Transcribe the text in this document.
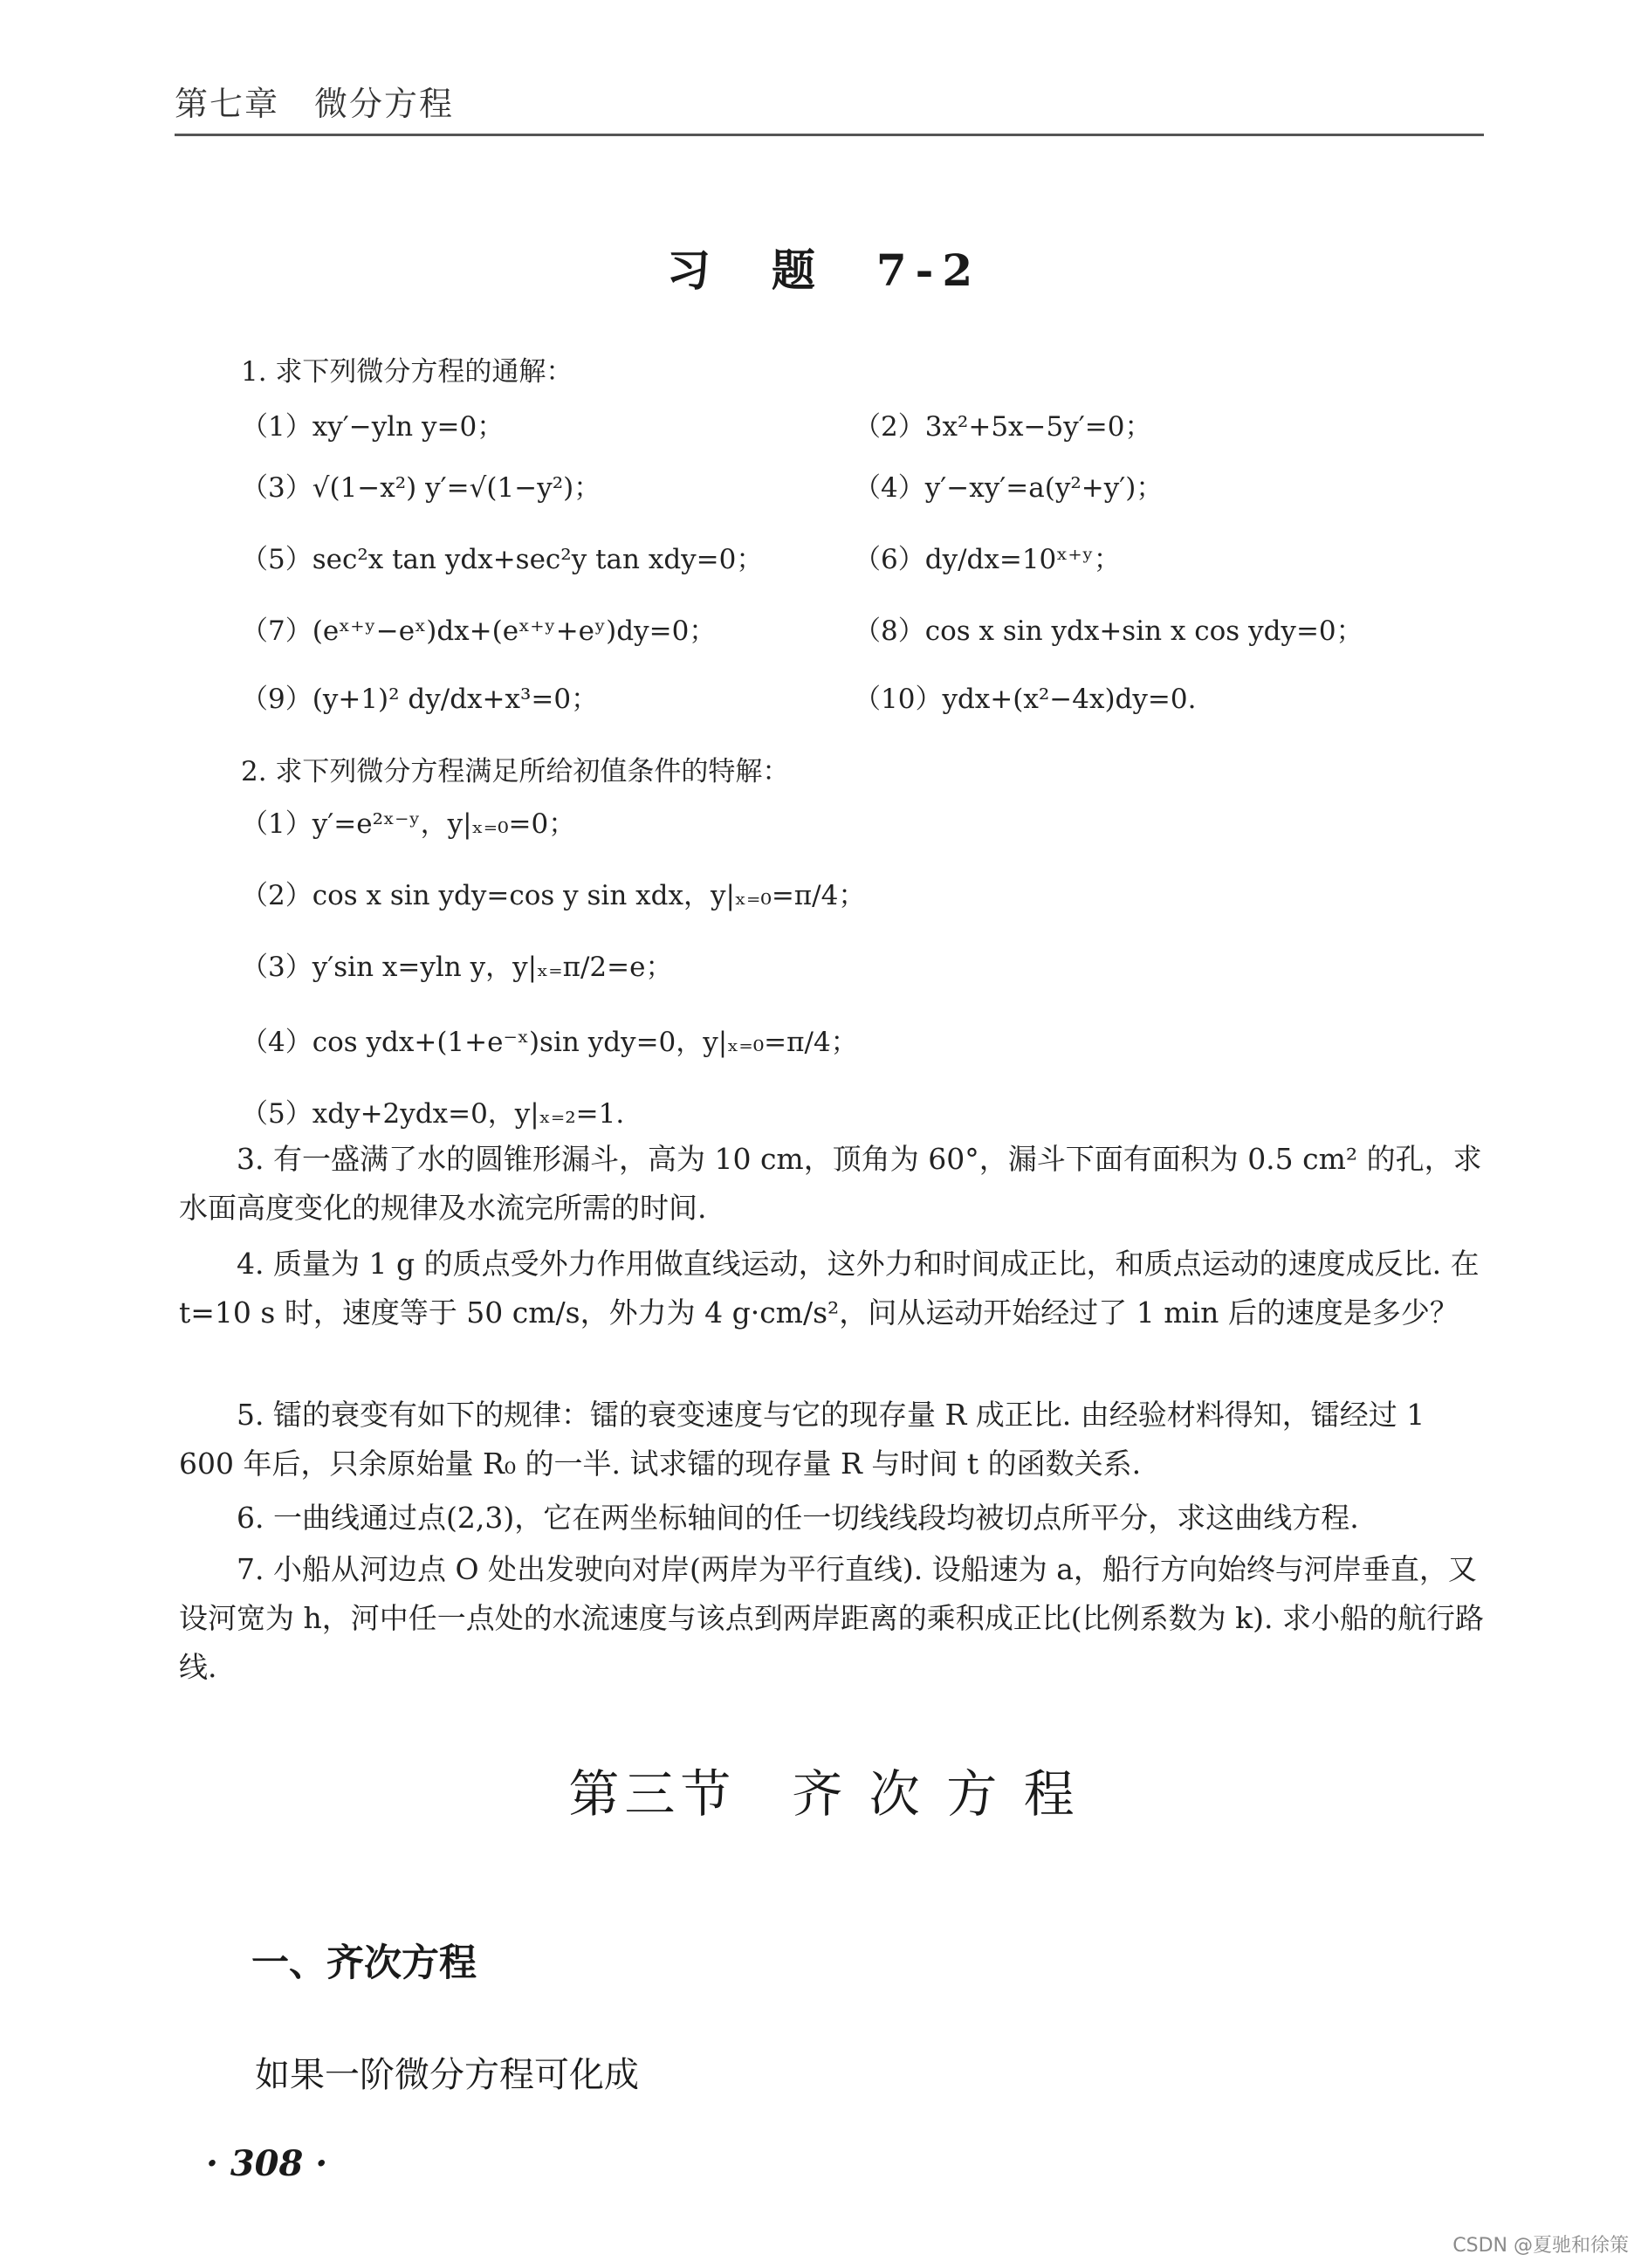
第七章　微分方程
习　题　7-2
1. 求下列微分方程的通解：
（1）xy′−yln y=0；	（2）3x²+5x−5y′=0；
（3）√(1−x²) y′=√(1−y²)；	（4）y′−xy′=a(y²+y′)；
（5）sec²x tan ydx+sec²y tan xdy=0；	（6）dy/dx=10ˣ⁺ʸ；
（7）(eˣ⁺ʸ−eˣ)dx+(eˣ⁺ʸ+eʸ)dy=0；	（8）cos x sin ydx+sin x cos ydy=0；
（9）(y+1)² dy/dx+x³=0；	（10）ydx+(x²−4x)dy=0.
2. 求下列微分方程满足所给初值条件的特解：
（1）y′=e²ˣ⁻ʸ，y|ₓ₌₀=0；
（2）cos x sin ydy=cos y sin xdx，y|ₓ₌₀=π/4；
（3）y′sin x=yln y，y|ₓ₌π/2=e；
（4）cos ydx+(1+e⁻ˣ)sin ydy=0，y|ₓ₌₀=π/4；
（5）xdy+2ydx=0，y|ₓ₌₂=1.
3. 有一盛满了水的圆锥形漏斗，高为 10 cm，顶角为 60°，漏斗下面有面积为 0.5 cm² 的孔，求水面高度变化的规律及水流完所需的时间.
4. 质量为 1 g 的质点受外力作用做直线运动，这外力和时间成正比，和质点运动的速度成反比. 在 t=10 s 时，速度等于 50 cm/s，外力为 4 g·cm/s²，问从运动开始经过了 1 min 后的速度是多少？
5. 镭的衰变有如下的规律：镭的衰变速度与它的现存量 R 成正比. 由经验材料得知，镭经过 1 600 年后，只余原始量 R₀ 的一半. 试求镭的现存量 R 与时间 t 的函数关系.
6. 一曲线通过点(2,3)，它在两坐标轴间的任一切线线段均被切点所平分，求这曲线方程.
7. 小船从河边点 O 处出发驶向对岸(两岸为平行直线). 设船速为 a，船行方向始终与河岸垂直，又设河宽为 h，河中任一点处的水流速度与该点到两岸距离的乘积成正比(比例系数为 k). 求小船的航行路线.
第三节　齐 次 方 程
一、齐次方程
如果一阶微分方程可化成
· 308 ·
CSDN @夏驰和徐策
